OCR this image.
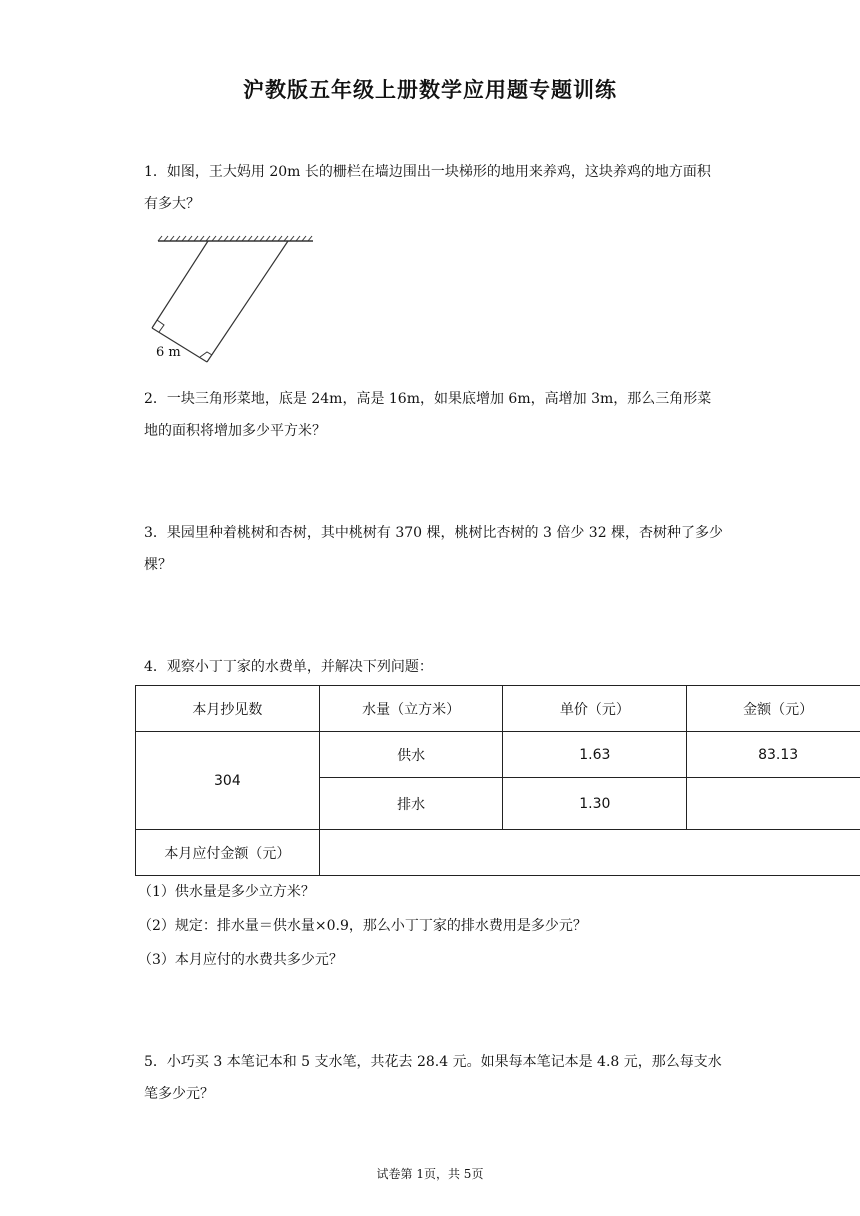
沪教版五年级上册数学应用题专题训练
1．如图，王大妈用 20m 长的栅栏在墙边围出一块梯形的地用来养鸡，这块养鸡的地方面积有多大？
6 m
2．一块三角形菜地，底是 24m，高是 16m，如果底增加 6m，高增加 3m，那么三角形菜地的面积将增加多少平方米？
3．果园里种着桃树和杏树，其中桃树有 370 棵，桃树比杏树的 3 倍少 32 棵，杏树种了多少棵？
4．观察小丁丁家的水费单，并解决下列问题：
本月抄见数	水量（立方米）	单价（元）	金额（元）
304	供水	1.63	83.13
	排水	1.30	
本月应付金额（元）			
（1）供水量是多少立方米？
（2）规定：排水量＝供水量×0.9，那么小丁丁家的排水费用是多少元？
（3）本月应付的水费共多少元？
5．小巧买 3 本笔记本和 5 支水笔，共花去 28.4 元。如果每本笔记本是 4.8 元，那么每支水笔多少元？
试卷第 1页，共 5页
